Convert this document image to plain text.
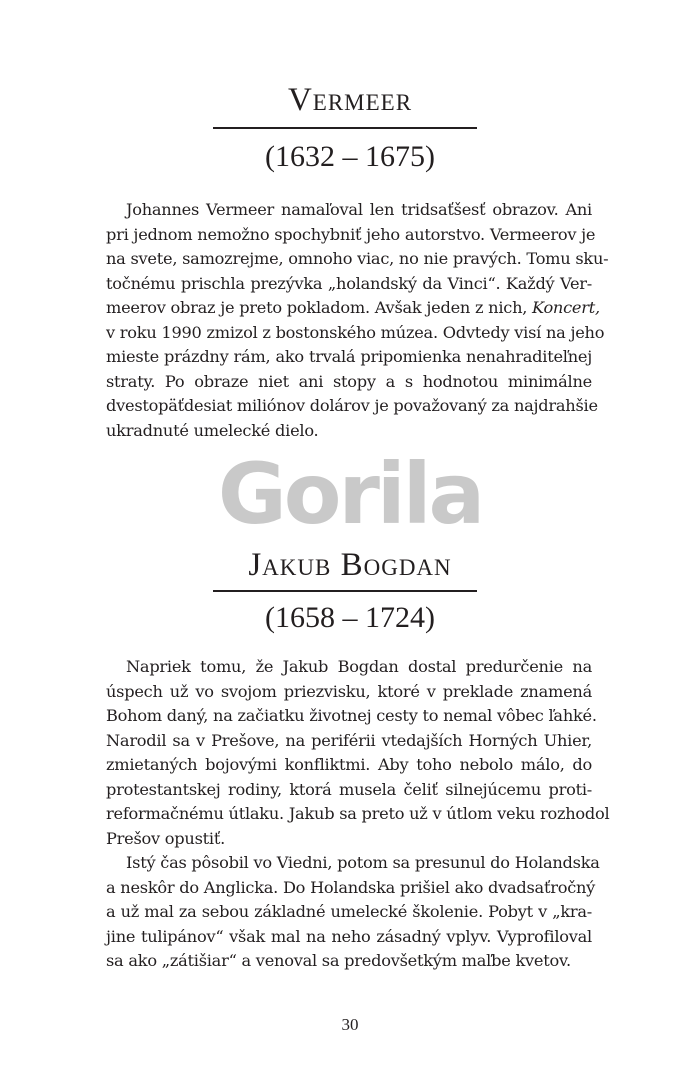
Gorila
Jakub Bogdan
Vermeer
(1632 – 1675)
Johannes Vermeer namaľoval len tridsaťšesť obrazov. Ani
pri jednom nemožno spochybniť jeho autorstvo. Vermeerov je
na svete, samozrejme, omnoho viac, no nie pravých. Tomu sku-
točnému prischla prezývka „holandský da Vinci“. Každý Ver-
meerov obraz je preto pokladom. Avšak jeden z nich, Koncert,
v roku 1990 zmizol z bostonského múzea. Odvtedy visí na jeho
mieste prázdny rám, ako trvalá pripomienka nenahraditeľnej
straty. Po obraze niet ani stopy a s hodnotou minimálne
dvestopäťdesiat miliónov dolárov je považovaný za najdrahšie
ukradnuté umelecké dielo.
(1658 – 1724)
Napriek tomu, že Jakub Bogdan dostal predurčenie na
úspech už vo svojom priezvisku, ktoré v preklade znamená
Bohom daný, na začiatku životnej cesty to nemal vôbec ľahké.
Narodil sa v Prešove, na periférii vtedajších Horných Uhier,
zmietaných bojovými konfliktmi. Aby toho nebolo málo, do
protestantskej rodiny, ktorá musela čeliť silnejúcemu proti-
reformačnému útlaku. Jakub sa preto už v útlom veku rozhodol
Prešov opustiť.
Istý čas pôsobil vo Viedni, potom sa presunul do Holandska
a neskôr do Anglicka. Do Holandska prišiel ako dvadsaťročný
a už mal za sebou základné umelecké školenie. Pobyt v „kra-
jine tulipánov“ však mal na neho zásadný vplyv. Vyprofiloval
sa ako „zátišiar“ a venoval sa predovšetkým maľbe kvetov.
30
